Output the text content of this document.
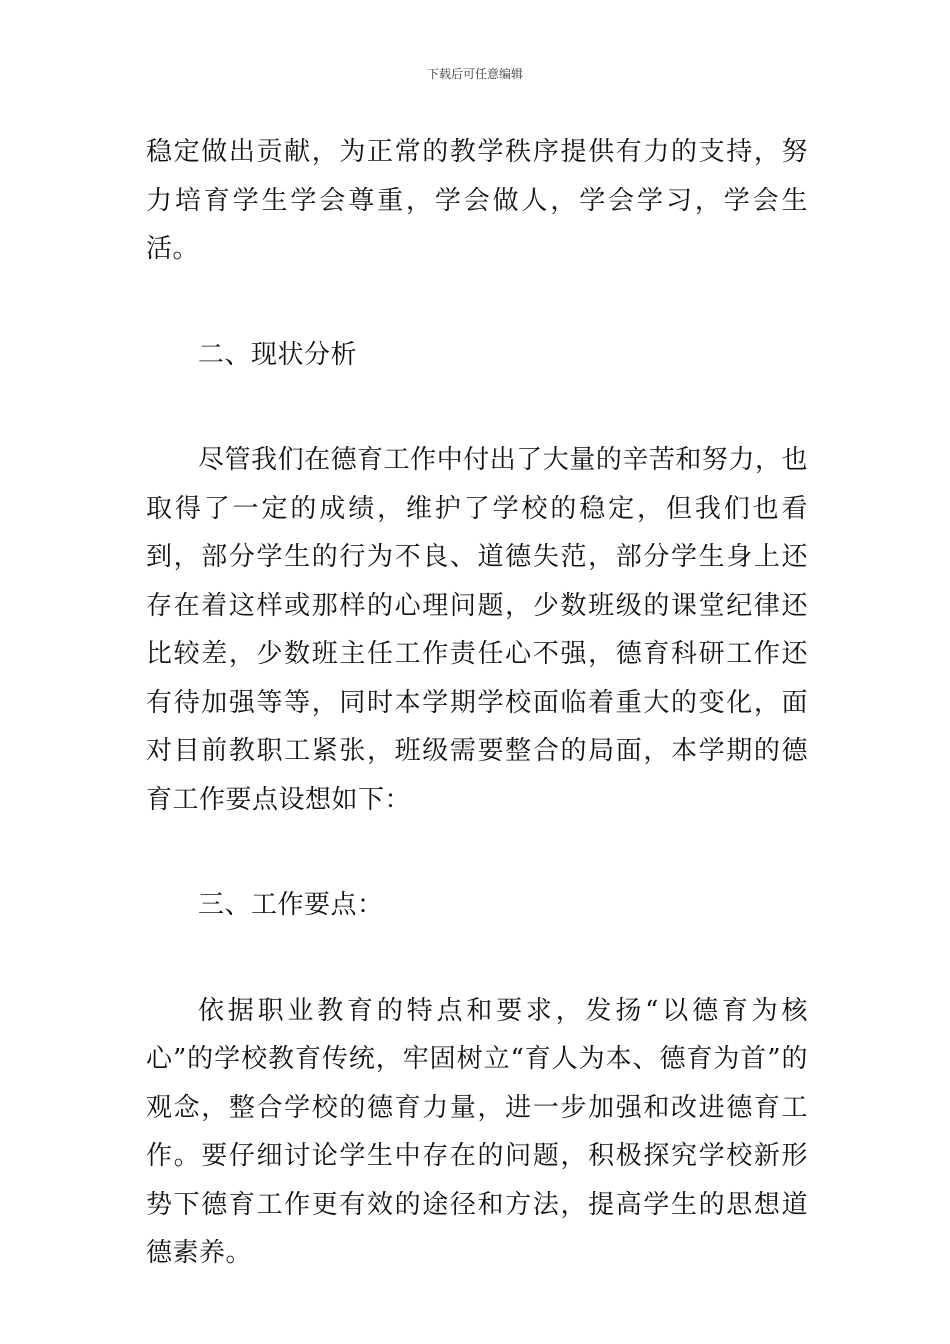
下载后可任意编辑

稳定做出贡献，为正常的教学秩序提供有力的支持，努力培育学生学会尊重，学会做人，学会学习，学会生活。

二、现状分析

尽管我们在德育工作中付出了大量的辛苦和努力，也取得了一定的成绩，维护了学校的稳定，但我们也看到，部分学生的行为不良、道德失范，部分学生身上还存在着这样或那样的心理问题，少数班级的课堂纪律还比较差，少数班主任工作责任心不强，德育科研工作还有待加强等等，同时本学期学校面临着重大的变化，面对目前教职工紧张，班级需要整合的局面，本学期的德育工作要点设想如下：

三、工作要点：

依据职业教育的特点和要求，发扬“以德育为核心”的学校教育传统，牢固树立“育人为本、德育为首”的观念，整合学校的德育力量，进一步加强和改进德育工作。要仔细讨论学生中存在的问题，积极探究学校新形势下德育工作更有效的途径和方法，提高学生的思想道德素养。
